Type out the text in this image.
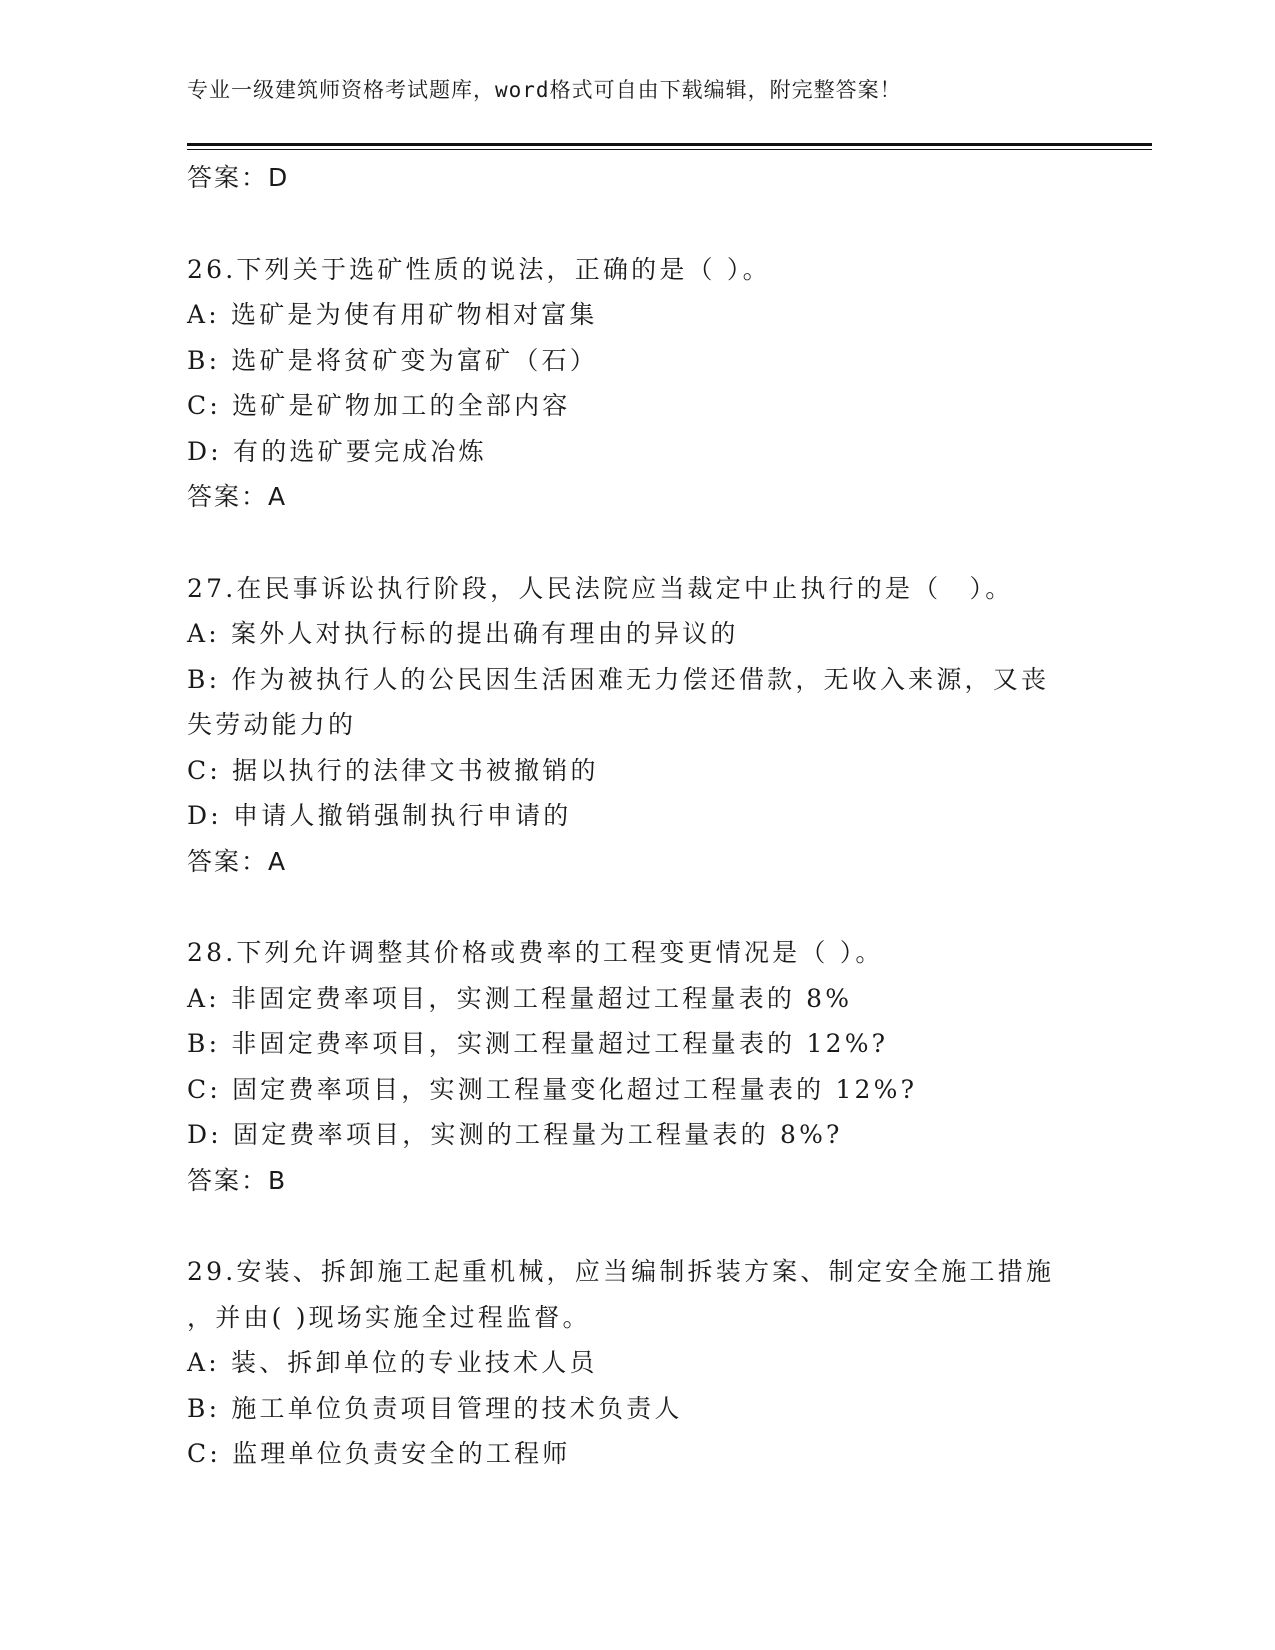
专业一级建筑师资格考试题库，word格式可自由下载编辑，附完整答案！
答案：D
26.下列关于选矿性质的说法，正确的是（ ）。
A: 选矿是为使有用矿物相对富集
B: 选矿是将贫矿变为富矿（石）
C: 选矿是矿物加工的全部内容
D: 有的选矿要完成冶炼
答案：A
27.在民事诉讼执行阶段，人民法院应当裁定中止执行的是（　）。
A: 案外人对执行标的提出确有理由的异议的
B: 作为被执行人的公民因生活困难无力偿还借款，无收入来源，又丧
失劳动能力的
C: 据以执行的法律文书被撤销的
D: 申请人撤销强制执行申请的
答案：A
28.下列允许调整其价格或费率的工程变更情况是（ ）。
A: 非固定费率项目，实测工程量超过工程量表的 8%
B: 非固定费率项目，实测工程量超过工程量表的 12%?
C: 固定费率项目，实测工程量变化超过工程量表的 12%?
D: 固定费率项目，实测的工程量为工程量表的 8%?
答案：B
29.安装、拆卸施工起重机械，应当编制拆装方案、制定安全施工措施
，并由( )现场实施全过程监督。
A: 装、拆卸单位的专业技术人员
B: 施工单位负责项目管理的技术负责人
C: 监理单位负责安全的工程师
